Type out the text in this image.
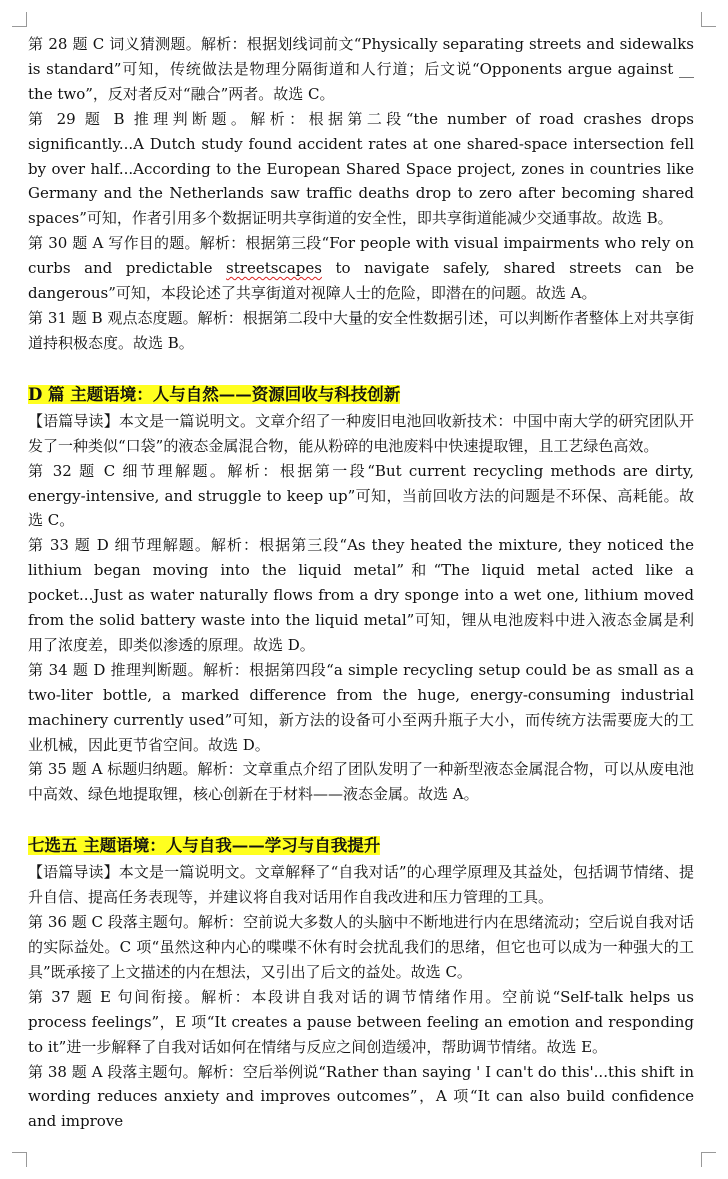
第 28 题 C 词义猜测题。解析：根据划线词前文“Physically separating streets and sidewalks is standard”可知，传统做法是物理分隔街道和人行道；后文说“Opponents argue against __ the two”，反对者反对“融合”两者。故选 C。

第 29 题 B 推理判断题。解析：根据第二段“the number of road crashes drops significantly...A Dutch study found accident rates at one shared-space intersection fell by over half...According to the European Shared Space project, zones in countries like Germany and the Netherlands saw traffic deaths drop to zero after becoming shared spaces”可知，作者引用多个数据证明共享街道的安全性，即共享街道能减少交通事故。故选 B。

第 30 题 A 写作目的题。解析：根据第三段“For people with visual impairments who rely on curbs and predictable streetscapes to navigate safely, shared streets can be dangerous”可知，本段论述了共享街道对视障人士的危险，即潜在的问题。故选 A。

第 31 题 B 观点态度题。解析：根据第二段中大量的安全性数据引述，可以判断作者整体上对共享街道持积极态度。故选 B。

D 篇 主题语境：人与自然——资源回收与科技创新

【语篇导读】本文是一篇说明文。文章介绍了一种废旧电池回收新技术：中国中南大学的研究团队开发了一种类似“口袋”的液态金属混合物，能从粉碎的电池废料中快速提取锂，且工艺绿色高效。

第 32 题 C 细节理解题。解析：根据第一段“But current recycling methods are dirty, energy-intensive, and struggle to keep up”可知，当前回收方法的问题是不环保、高耗能。故选 C。

第 33 题 D 细节理解题。解析：根据第三段“As they heated the mixture, they noticed the lithium began moving into the liquid metal”和“The liquid metal acted like a pocket...Just as water naturally flows from a dry sponge into a wet one, lithium moved from the solid battery waste into the liquid metal”可知，锂从电池废料中进入液态金属是利用了浓度差，即类似渗透的原理。故选 D。

第 34 题 D 推理判断题。解析：根据第四段“a simple recycling setup could be as small as a two-liter bottle, a marked difference from the huge, energy-consuming industrial machinery currently used”可知，新方法的设备可小至两升瓶子大小，而传统方法需要庞大的工业机械，因此更节省空间。故选 D。

第 35 题 A 标题归纳题。解析：文章重点介绍了团队发明了一种新型液态金属混合物，可以从废电池中高效、绿色地提取锂，核心创新在于材料——液态金属。故选 A。

七选五 主题语境：人与自我——学习与自我提升

【语篇导读】本文是一篇说明文。文章解释了“自我对话”的心理学原理及其益处，包括调节情绪、提升自信、提高任务表现等，并建议将自我对话用作自我改进和压力管理的工具。

第 36 题 C 段落主题句。解析：空前说大多数人的头脑中不断地进行内在思绪流动；空后说自我对话的实际益处。C 项“虽然这种内心的喋喋不休有时会扰乱我们的思绪，但它也可以成为一种强大的工具”既承接了上文描述的内在想法，又引出了后文的益处。故选 C。

第 37 题 E 句间衔接。解析：本段讲自我对话的调节情绪作用。空前说“Self-talk helps us process feelings”，E 项“It creates a pause between feeling an emotion and responding to it”进一步解释了自我对话如何在情绪与反应之间创造缓冲，帮助调节情绪。故选 E。

第 38 题 A 段落主题句。解析：空后举例说“Rather than saying ' I can't do this'...this shift in wording reduces anxiety and improves outcomes”，A 项“It can also build confidence and improve
